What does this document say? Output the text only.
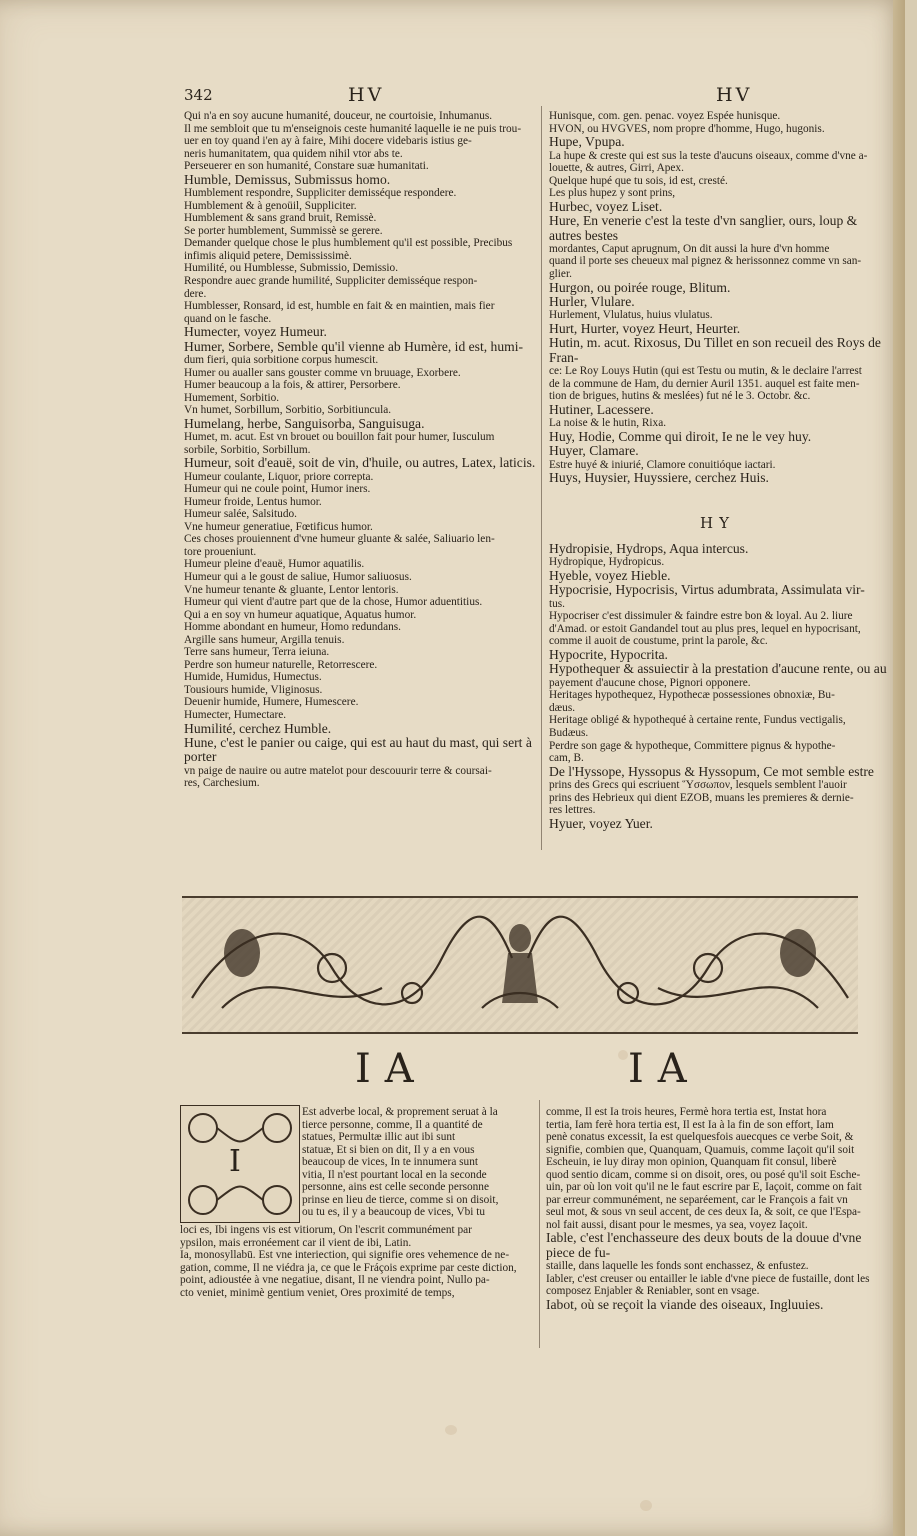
342	HV	HV

Qui n'a en soy aucune humanité, douceur, ne courtoisie, Inhumanus.

Il me sembloit que tu m'enseignois ceste humanité laquelle ie ne puis trou-

uer en toy quand i'en ay à faire, Mihi docere videbaris istius ge-

neris humanitatem, qua quidem nihil vtor abs te.

Perseuerer en son humanité, Constare suæ humanitati.

Humble, Demissus, Submissus homo.

Humblement respondre, Suppliciter demisséque respondere.

Humblement & à genoüil, Suppliciter.

Humblement & sans grand bruit, Remissè.

Se porter humblement, Summissè se gerere.

Demander quelque chose le plus humblement qu'il est possible, Precibus

infimis aliquid petere, Demississimè.

Humilité, ou Humblesse, Submissio, Demissio.

Respondre auec grande humilité, Suppliciter demisséque respon-

dere.

Humblesser, Ronsard, id est, humble en fait & en maintien, mais fier

quand on le fasche.

Humecter, voyez Humeur.

Humer, Sorbere, Semble qu'il vienne ab Humère, id est, humi-

dum fieri, quia sorbitione corpus humescit.

Humer ou aualler sans gouster comme vn bruuage, Exorbere.

Humer beaucoup a la fois, & attirer, Persorbere.

Humement, Sorbitio.

Vn humet, Sorbillum, Sorbitio, Sorbitiuncula.

Humelang, herbe, Sanguisorba, Sanguisuga.

Humet, m. acut. Est vn brouet ou bouillon fait pour humer, Iusculum

sorbile, Sorbitio, Sorbillum.

Humeur, soit d'eauë, soit de vin, d'huile, ou autres, Latex, laticis.

Humeur coulante, Liquor, priore correpta.

Humeur qui ne coule point, Humor iners.

Humeur froide, Lentus humor.

Humeur salée, Salsitudo.

Vne humeur generatiue, Fœtificus humor.

Ces choses prouiennent d'vne humeur gluante & salée, Saliuario len-

tore proueniunt.

Humeur pleine d'eauë, Humor aquatilis.

Humeur qui a le goust de saliue, Humor saliuosus.

Vne humeur tenante & gluante, Lentor lentoris.

Humeur qui vient d'autre part que de la chose, Humor aduentitius.

Qui a en soy vn humeur aquatique, Aquatus humor.

Homme abondant en humeur, Homo redundans.

Argille sans humeur, Argilla tenuis.

Terre sans humeur, Terra ieiuna.

Perdre son humeur naturelle, Retorrescere.

Humide, Humidus, Humectus.

Tousiours humide, Vliginosus.

Deuenir humide, Humere, Humescere.

Humecter, Humectare.

Humilité, cerchez Humble.

Hune, c'est le panier ou caige, qui est au haut du mast, qui sert à porter

vn paige de nauire ou autre matelot pour descouurir terre & coursai-

res, Carchesium.

Hunisque, com. gen. penac. voyez Espée hunisque.

HVON, ou HVGVES, nom propre d'homme, Hugo, hugonis.

Hupe, Vpupa.

La hupe & creste qui est sus la teste d'aucuns oiseaux, comme d'vne a-

louette, & autres, Girri, Apex.

Quelque hupé que tu sois, id est, cresté.

Les plus hupez y sont prins,

Hurbec, voyez Liset.

Hure, En venerie c'est la teste d'vn sanglier, ours, loup & autres bestes

mordantes, Caput aprugnum, On dit aussi la hure d'vn homme

quand il porte ses cheueux mal pignez & herissonnez comme vn san-

glier.

Hurgon, ou poirée rouge, Blitum.

Hurler, Vlulare.

Hurlement, Vlulatus, huius vlulatus.

Hurt, Hurter, voyez Heurt, Heurter.

Hutin, m. acut. Rixosus, Du Tillet en son recueil des Roys de Fran-

ce: Le Roy Louys Hutin (qui est Testu ou mutin, & le declaire l'arrest

de la commune de Ham, du dernier Auril 1351. auquel est faite men-

tion de brigues, hutins & meslées) fut né le 3. Octobr. &c.

Hutiner, Lacessere.

La noise & le hutin, Rixa.

Huy, Hodie, Comme qui diroit, Ie ne le vey huy.

Huyer, Clamare.

Estre huyé & iniurié, Clamore conuitióque iactari.

Huys, Huysier, Huyssiere, cerchez Huis.

HY

Hydropisie, Hydrops, Aqua intercus.

Hydropique, Hydropicus.

Hyeble, voyez Hieble.

Hypocrisie, Hypocrisis, Virtus adumbrata, Assimulata vir-

tus.

Hypocriser c'est dissimuler & faindre estre bon & loyal. Au 2. liure

d'Amad. or estoit Gandandel tout au plus pres, lequel en hypocrisant,

comme il auoit de coustume, print la parole, &c.

Hypocrite, Hypocrita.

Hypothequer & assuiectir à la prestation d'aucune rente, ou au

payement d'aucune chose, Pignori opponere.

Heritages hypothequez, Hypothecæ possessiones obnoxiæ, Bu-

dæus.

Heritage obligé & hypothequé à certaine rente, Fundus vectigalis,

Budæus.

Perdre son gage & hypotheque, Committere pignus & hypothe-

cam, B.

De l'Hyssope, Hyssopus & Hyssopum, Ce mot semble estre

prins des Grecs qui escriuent Ὕσσωπον, lesquels semblent l'auoir

prins des Hebrieux qui dient EZOB, muans les premieres & dernie-

res lettres.

Hyuer, voyez Yuer.

IA	IA
I

Est adverbe local, & proprement seruat à la

tierce personne, comme, Il a quantité de

statues, Permultæ illic aut ibi sunt

statuæ, Et si bien on dit, Il y a en vous

beaucoup de vices, In te innumera sunt

vitia, Il n'est pourtant local en la seconde

personne, ains est celle seconde personne

prinse en lieu de tierce, comme si on disoit,

ou tu es, il y a beaucoup de vices, Vbi tu

loci es, Ibi ingens vis est vitiorum, On l'escrit communément par

ypsilon, mais erronéement car il vient de ibi, Latin.

Ia, monosyllabū. Est vne interiection, qui signifie ores vehemence de ne-

gation, comme, Il ne viédra ja, ce que le Fráçois exprime par ceste diction,

point, adioustée à vne negatiue, disant, Il ne viendra point, Nullo pa-

cto veniet, minimè gentium veniet, Ores proximité de temps,

comme, Il est Ia trois heures, Fermè hora tertia est, Instat hora

tertia, Iam ferè hora tertia est, Il est Ia à la fin de son effort, Iam

penè conatus excessit, Ia est quelquesfois auecques ce verbe Soit, &

signifie, combien que, Quanquam, Quamuis, comme Iaçoit qu'il soit

Escheuin, ie luy diray mon opinion, Quanquam fit consul, liberè

quod sentio dicam, comme si on disoit, ores, ou posé qu'il soit Esche-

uin, par où lon voit qu'il ne le faut escrire par E, Iaçoit, comme on fait

par erreur communément, ne separéement, car le François a fait vn

seul mot, & sous vn seul accent, de ces deux Ia, & soit, ce que l'Espa-

nol fait aussi, disant pour le mesmes, ya sea, voyez Iaçoit.

Iable, c'est l'enchasseure des deux bouts de la douue d'vne piece de fu-

staille, dans laquelle les fonds sont enchassez, & enfustez.

Iabler, c'est creuser ou entailler le iable d'vne piece de fustaille, dont les

composez Enjabler & Reniabler, sont en vsage.

Iabot, où se reçoit la viande des oiseaux, Ingluuies.
